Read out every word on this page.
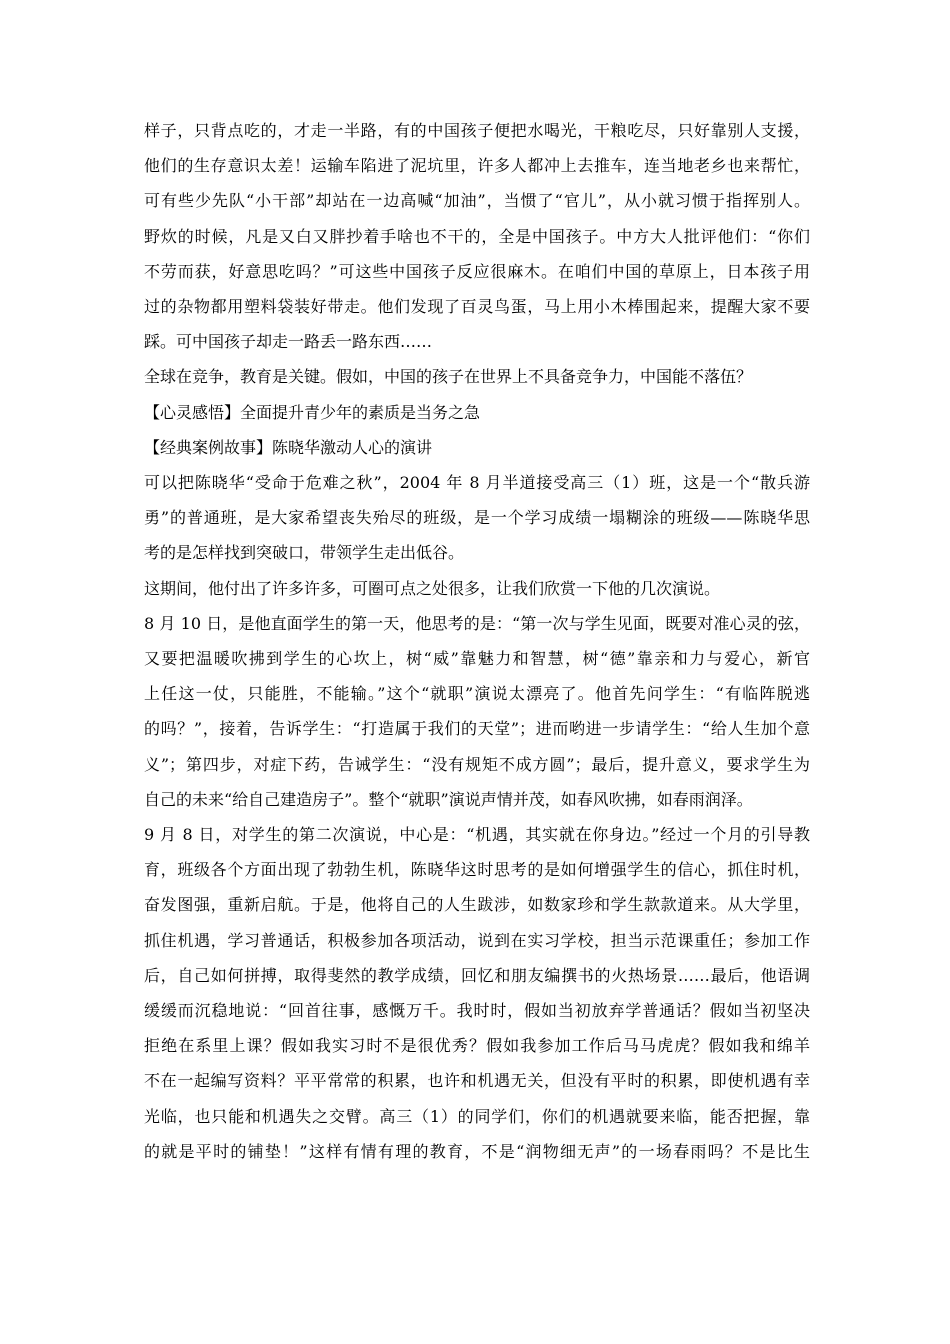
样子，只背点吃的，才走一半路，有的中国孩子便把水喝光，干粮吃尽，只好靠别人支援，
他们的生存意识太差！运输车陷进了泥坑里，许多人都冲上去推车，连当地老乡也来帮忙，
可有些少先队“小干部”却站在一边高喊“加油”，当惯了“官儿”，从小就习惯于指挥别人。
野炊的时候，凡是又白又胖抄着手啥也不干的，全是中国孩子。中方大人批评他们：“你们
不劳而获，好意思吃吗？”可这些中国孩子反应很麻木。在咱们中国的草原上，日本孩子用
过的杂物都用塑料袋装好带走。他们发现了百灵鸟蛋，马上用小木棒围起来，提醒大家不要
踩。可中国孩子却走一路丢一路东西……

全球在竞争，教育是关键。假如，中国的孩子在世界上不具备竞争力，中国能不落伍？

【心灵感悟】全面提升青少年的素质是当务之急

【经典案例故事】陈晓华激动人心的演讲

可以把陈晓华“受命于危难之秋”，2004 年 8 月半道接受高三（1）班，这是一个“散兵游
勇”的普通班，是大家希望丧失殆尽的班级，是一个学习成绩一塌糊涂的班级——陈晓华思
考的是怎样找到突破口，带领学生走出低谷。

这期间，他付出了许多许多，可圈可点之处很多，让我们欣赏一下他的几次演说。

8 月 10 日，是他直面学生的第一天，他思考的是：“第一次与学生见面，既要对准心灵的弦，
又要把温暖吹拂到学生的心坎上，树“威”靠魅力和智慧，树“德”靠亲和力与爱心，新官
上任这一仗，只能胜，不能输。”这个“就职”演说太漂亮了。他首先问学生：“有临阵脱逃
的吗？”，接着，告诉学生：“打造属于我们的天堂”；进而哟进一步请学生：“给人生加个意
义”；第四步，对症下药，告诫学生：“没有规矩不成方圆”；最后，提升意义，要求学生为
自己的未来“给自己建造房子”。整个“就职”演说声情并茂，如春风吹拂，如春雨润泽。

9 月 8 日，对学生的第二次演说，中心是：“机遇，其实就在你身边。”经过一个月的引导教
育，班级各个方面出现了勃勃生机，陈晓华这时思考的是如何增强学生的信心，抓住时机，
奋发图强，重新启航。于是，他将自己的人生跋涉，如数家珍和学生款款道来。从大学里，
抓住机遇，学习普通话，积极参加各项活动，说到在实习学校，担当示范课重任；参加工作
后，自己如何拼搏，取得斐然的教学成绩，回忆和朋友编撰书的火热场景……最后，他语调
缓缓而沉稳地说：“回首往事，感慨万千。我时时，假如当初放弃学普通话？假如当初坚决
拒绝在系里上课？假如我实习时不是很优秀？假如我参加工作后马马虎虎？假如我和绵羊
不在一起编写资料？平平常常的积累，也许和机遇无关，但没有平时的积累，即使机遇有幸
光临，也只能和机遇失之交臂。高三（1）的同学们，你们的机遇就要来临，能否把握，靠
的就是平时的铺垫！”这样有情有理的教育，不是“润物细无声”的一场春雨吗？不是比生
